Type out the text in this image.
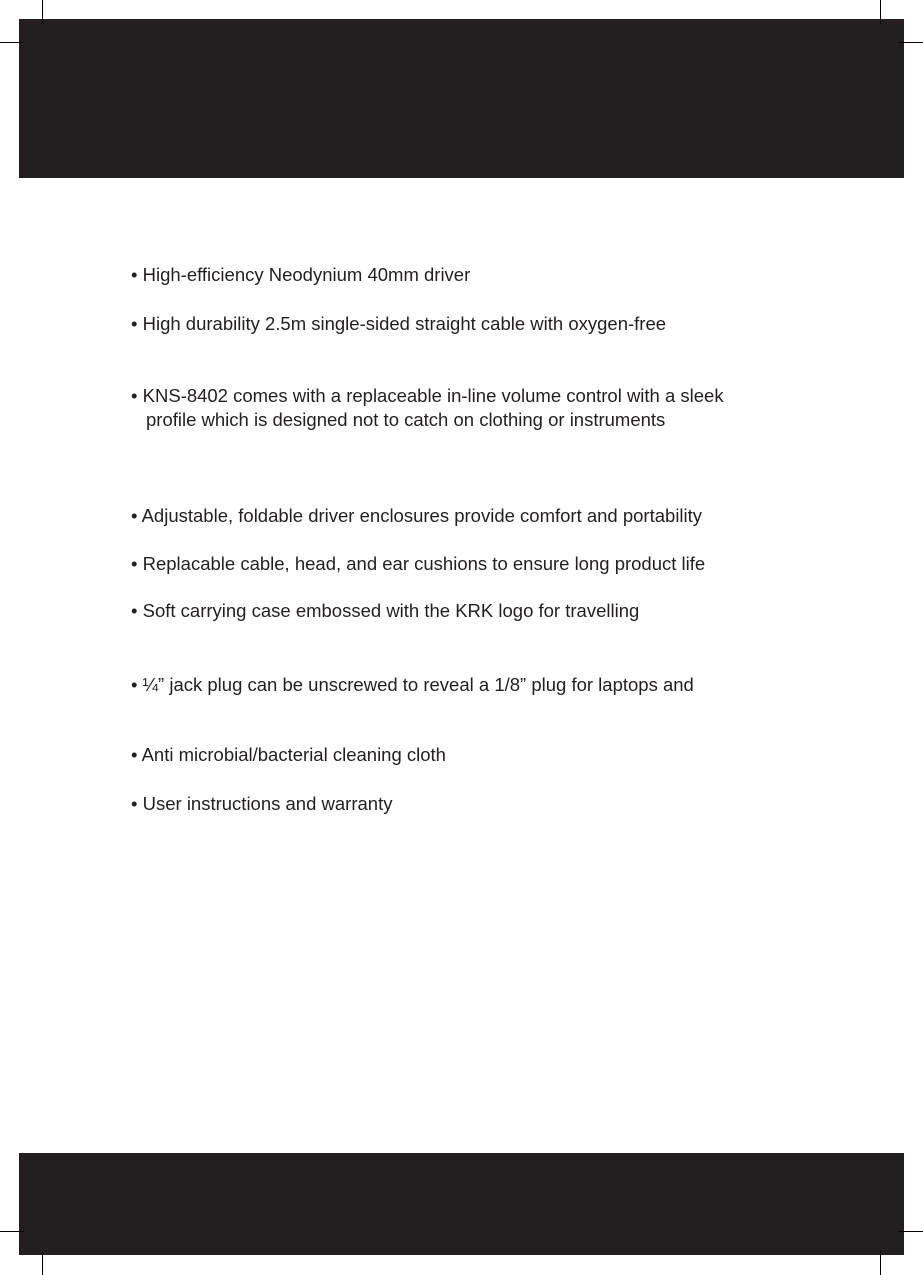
• High-efficiency Neodynium 40mm driver

• High durability 2.5m single-sided straight cable with oxygen-free

• KNS-8402 comes with a replaceable in-line volume control with a sleek

profile which is designed not to catch on clothing or instruments

• Adjustable, foldable driver enclosures provide comfort and portability

• Replacable cable, head, and ear cushions to ensure long product life

• Soft carrying case embossed with the KRK logo for travelling

• ¼” jack plug can be unscrewed to reveal a 1/8” plug for laptops and

• Anti microbial/bacterial cleaning cloth

• User instructions and warranty
